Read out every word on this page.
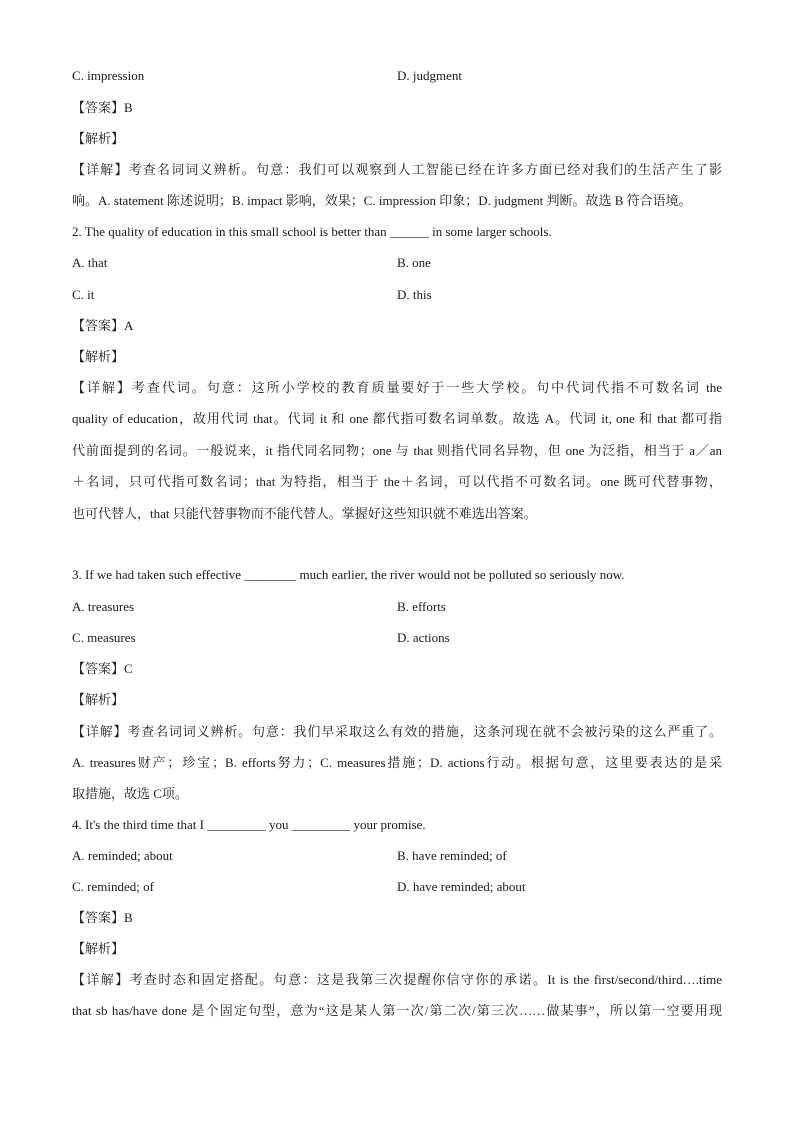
C. impression	D. judgment
【答案】B
【解析】
【详解】考查名词词义辨析。句意：我们可以观察到人工智能已经在许多方面已经对我们的生活产生了影
响。A. statement 陈述说明；B. impact 影响，效果；C. impression 印象；D. judgment 判断。故选 B 符合语境。
2. The quality of education in this small school is better than ______ in some larger schools.
A. that	B. one
C. it	D. this
【答案】A
【解析】
【详解】考查代词。句意：这所小学校的教育质量要好于一些大学校。句中代词代指不可数名词 the
quality of education，故用代词 that。代词 it 和 one 都代指可数名词单数。故选 A。代词 it, one 和 that 都可指
代前面提到的名词。一般说来，it 指代同名同物；one 与 that 则指代同名异物，但 one 为泛指，相当于 a／an
＋名词，只可代指可数名词；that 为特指，相当于 the＋名词，可以代指不可数名词。one 既可代替事物，
也可代替人，that 只能代替事物而不能代替人。掌握好这些知识就不难选出答案。
3. If we had taken such effective ________ much earlier, the river would not be polluted so seriously now.
A. treasures	B. efforts
C. measures	D. actions
【答案】C
【解析】
【详解】考查名词词义辨析。句意：我们早采取这么有效的措施，这条河现在就不会被污染的这么严重了。
A. treasures财产；珍宝；B. efforts努力；C. measures措施；D. actions行动。根据句意，这里要表达的是采
取措施，故选 C项。
4. It's the third time that I _________ you _________ your promise.
A. reminded; about	B. have reminded; of
C. reminded; of	D. have reminded; about
【答案】B
【解析】
【详解】考查时态和固定搭配。句意：这是我第三次提醒你信守你的承诺。It is the first/second/third….time
that sb has/have done 是个固定句型，意为“这是某人第一次/第二次/第三次……做某事”，所以第一空要用现
